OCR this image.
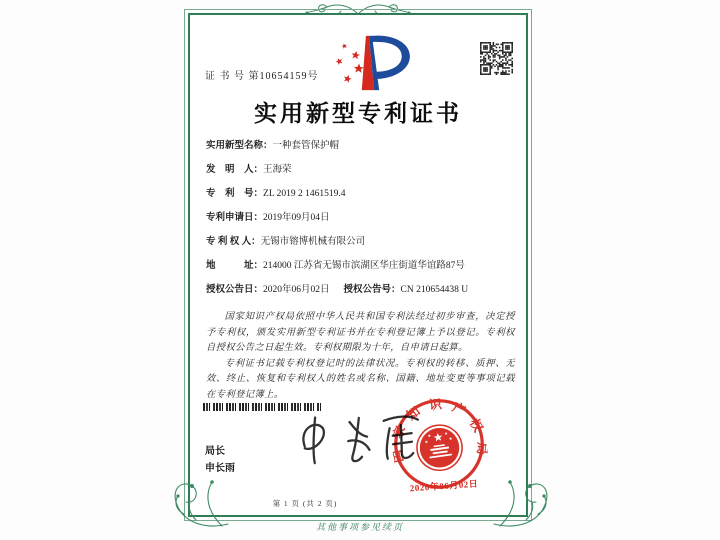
证 书 号 第10654159号
实用新型专利证书
实用新型名称：一种套管保护帽
发　明　人：王海荣
专　利　号：ZL 2019 2 1461519.4
专利申请日：2019年09月04日
专 利 权 人：无锡市镕博机械有限公司
地　　　址：214000 江苏省无锡市滨湖区华庄街道华谊路87号
授权公告日：2020年06月02日 授权公告号：CN 210654438 U

国家知识产权局依照中华人民共和国专利法经过初步审查，决定授予专利权，颁发实用新型专利证书并在专利登记簿上予以登记。专利权自授权公告之日起生效。专利权期限为十年，自申请日起算。

专利证书记载专利权登记时的法律状况。专利权的转移、质押、无效、终止、恢复和专利权人的姓名或名称、国籍、地址变更等事项记载在专利登记簿上。

局长
申长雨
国家知识产权局
2020年06月02日
第 1 页 (共 2 页)
其他事项参见续页
